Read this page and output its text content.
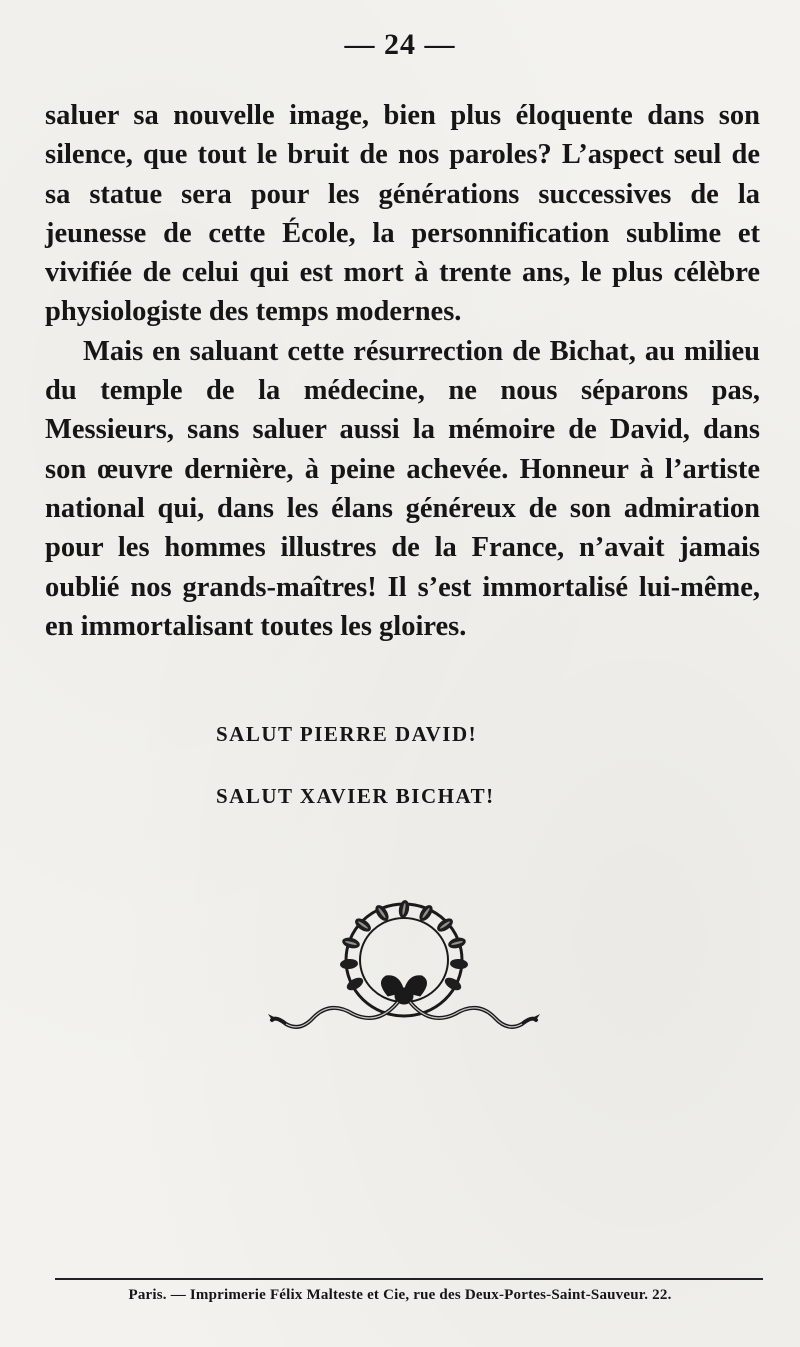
— 24 —

saluer sa nouvelle image, bien plus éloquente dans son silence, que tout le bruit de nos paroles? L’aspect seul de sa statue sera pour les générations successives de la jeunesse de cette École, la personnification sublime et vivifiée de celui qui est mort à trente ans, le plus célèbre physiologiste des temps modernes.

Mais en saluant cette résurrection de Bichat, au milieu du temple de la médecine, ne nous séparons pas, Messieurs, sans saluer aussi la mémoire de David, dans son œuvre dernière, à peine achevée. Honneur à l’artiste national qui, dans les élans généreux de son admiration pour les hommes illustres de la France, n’avait jamais oublié nos grands-maîtres! Il s’est immortalisé lui-même, en immortalisant toutes les gloires.

SALUT PIERRE DAVID!
SALUT XAVIER BICHAT!
Paris. — Imprimerie Félix Malteste et Cie, rue des Deux-Portes-Saint-Sauveur. 22.
